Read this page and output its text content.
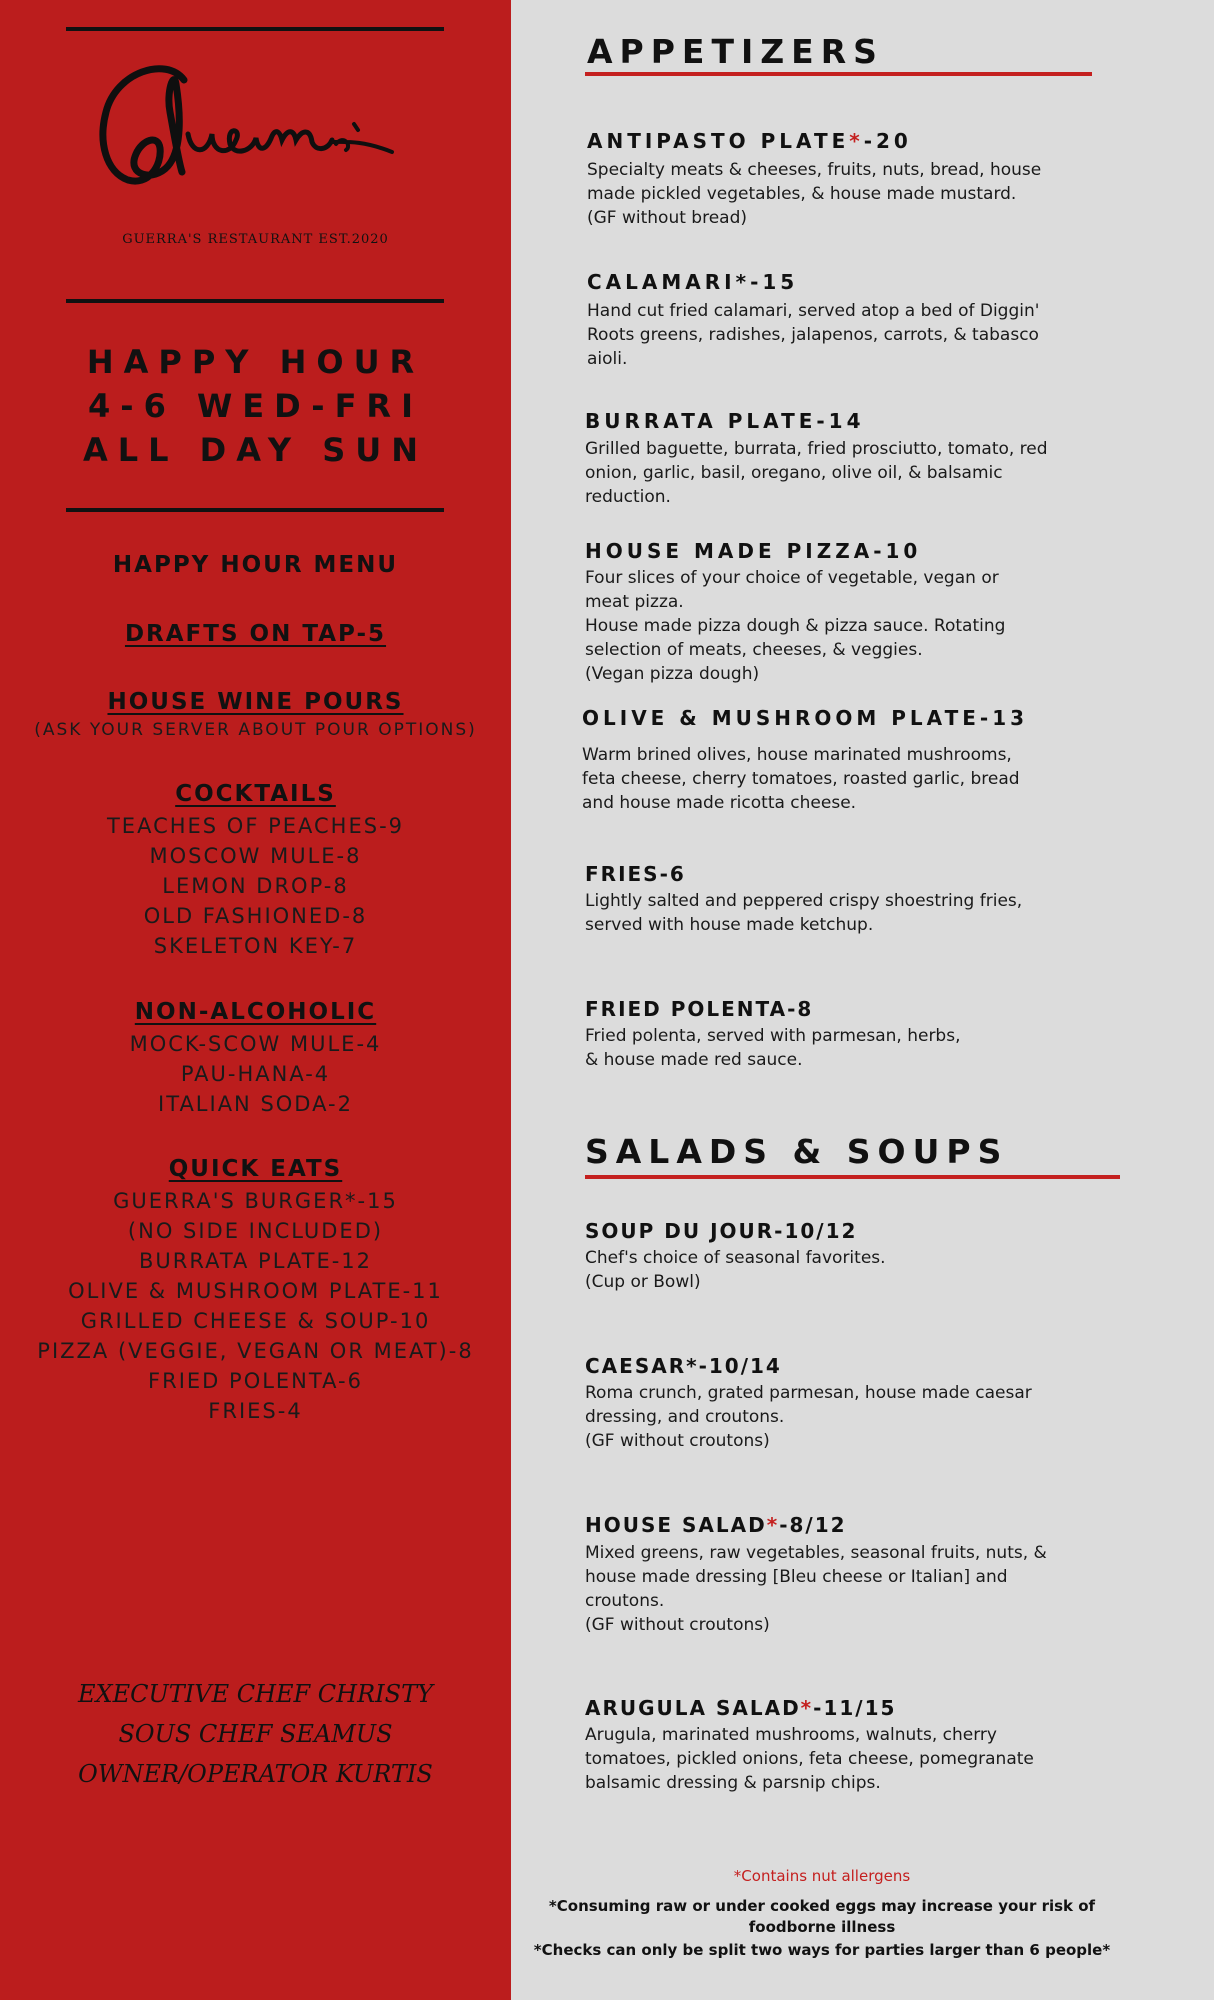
GUERRA'S RESTAURANT EST.2020
HAPPY HOUR
4-6 WED-FRI
ALL DAY SUN
HAPPY HOUR MENU
DRAFTS ON TAP-5
HOUSE WINE POURS
(ASK YOUR SERVER ABOUT POUR OPTIONS)
COCKTAILS
TEACHES OF PEACHES-9
MOSCOW MULE-8
LEMON DROP-8
OLD FASHIONED-8
SKELETON KEY-7
NON-ALCOHOLIC
MOCK-SCOW MULE-4
PAU-HANA-4
ITALIAN SODA-2
QUICK EATS
GUERRA'S BURGER*-15
(NO SIDE INCLUDED)
BURRATA PLATE-12
OLIVE & MUSHROOM PLATE-11
GRILLED CHEESE & SOUP-10
PIZZA (VEGGIE, VEGAN OR MEAT)-8
FRIED POLENTA-6
FRIES-4
EXECUTIVE CHEF CHRISTY
SOUS CHEF SEAMUS
OWNER/OPERATOR KURTIS
APPETIZERS
ANTIPASTO PLATE*-20
Specialty meats & cheeses, fruits, nuts, bread, house
made pickled vegetables, & house made mustard.
(GF without bread)
CALAMARI*-15
Hand cut fried calamari, served atop a bed of Diggin'
Roots greens, radishes, jalapenos, carrots, & tabasco
aioli.
BURRATA PLATE-14
Grilled baguette, burrata, fried prosciutto, tomato, red
onion, garlic, basil, oregano, olive oil, & balsamic
reduction.
HOUSE MADE PIZZA-10
Four slices of your choice of vegetable, vegan or
meat pizza.
House made pizza dough & pizza sauce. Rotating
selection of meats, cheeses, & veggies.
(Vegan pizza dough)
OLIVE & MUSHROOM PLATE-13
Warm brined olives, house marinated mushrooms,
feta cheese, cherry tomatoes, roasted garlic, bread
and house made ricotta cheese.
FRIES-6
Lightly salted and peppered crispy shoestring fries,
served with house made ketchup.
FRIED POLENTA-8
Fried polenta, served with parmesan, herbs,
& house made red sauce.
SALADS & SOUPS
SOUP DU JOUR-10/12
Chef's choice of seasonal favorites.
(Cup or Bowl)
CAESAR*-10/14
Roma crunch, grated parmesan, house made caesar
dressing, and croutons.
(GF without croutons)
HOUSE SALAD*-8/12
Mixed greens, raw vegetables, seasonal fruits, nuts, &
house made dressing [Bleu cheese or Italian] and
croutons.
(GF without croutons)
ARUGULA SALAD*-11/15
Arugula, marinated mushrooms, walnuts, cherry
tomatoes, pickled onions, feta cheese, pomegranate
balsamic dressing & parsnip chips.
*Contains nut allergens
*Consuming raw or under cooked eggs may increase your risk of
foodborne illness
*Checks can only be split two ways for parties larger than 6 people*
